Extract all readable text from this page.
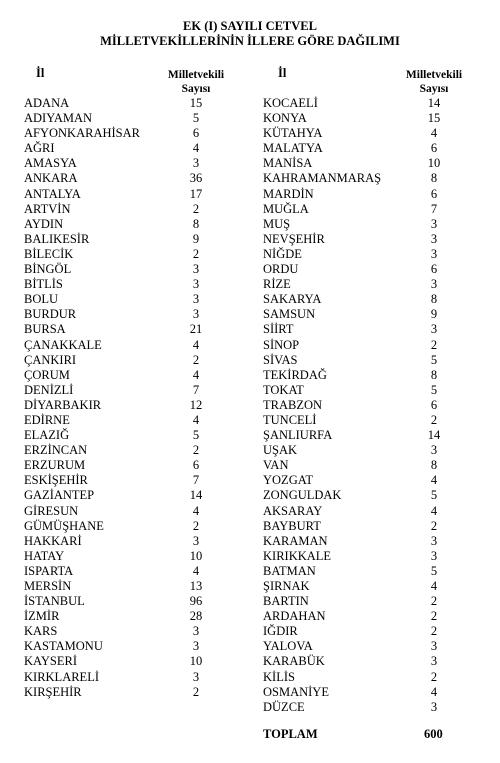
EK (I) SAYILI CETVEL
MİLLETVEKİLLERİNİN İLLERE GÖRE DAĞILIMI
İl	Milletvekili
Sayısı
İl	Milletvekili
Sayısı
ADANA	15
ADIYAMAN	5
AFYONKARAHİSAR	6
AĞRI	4
AMASYA	3
ANKARA	36
ANTALYA	17
ARTVİN	2
AYDIN	8
BALIKESİR	9
BİLECİK	2
BİNGÖL	3
BİTLİS	3
BOLU	3
BURDUR	3
BURSA	21
ÇANAKKALE	4
ÇANKIRI	2
ÇORUM	4
DENİZLİ	7
DİYARBAKIR	12
EDİRNE	4
ELAZIĞ	5
ERZİNCAN	2
ERZURUM	6
ESKİŞEHİR	7
GAZİANTEP	14
GİRESUN	4
GÜMÜŞHANE	2
HAKKARİ	3
HATAY	10
ISPARTA	4
MERSİN	13
İSTANBUL	96
İZMİR	28
KARS	3
KASTAMONU	3
KAYSERİ	10
KIRKLARELİ	3
KIRŞEHİR	2
KOCAELİ	14
KONYA	15
KÜTAHYA	4
MALATYA	6
MANİSA	10
KAHRAMANMARAŞ	8
MARDİN	6
MUĞLA	7
MUŞ	3
NEVŞEHİR	3
NİĞDE	3
ORDU	6
RİZE	3
SAKARYA	8
SAMSUN	9
SİİRT	3
SİNOP	2
SİVAS	5
TEKİRDAĞ	8
TOKAT	5
TRABZON	6
TUNCELİ	2
ŞANLIURFA	14
UŞAK	3
VAN	8
YOZGAT	4
ZONGULDAK	5
AKSARAY	4
BAYBURT	2
KARAMAN	3
KIRIKKALE	3
BATMAN	5
ŞIRNAK	4
BARTIN	2
ARDAHAN	2
IĞDIR	2
YALOVA	3
KARABÜK	3
KİLİS	2
OSMANİYE	4
DÜZCE	3
TOPLAM	600
